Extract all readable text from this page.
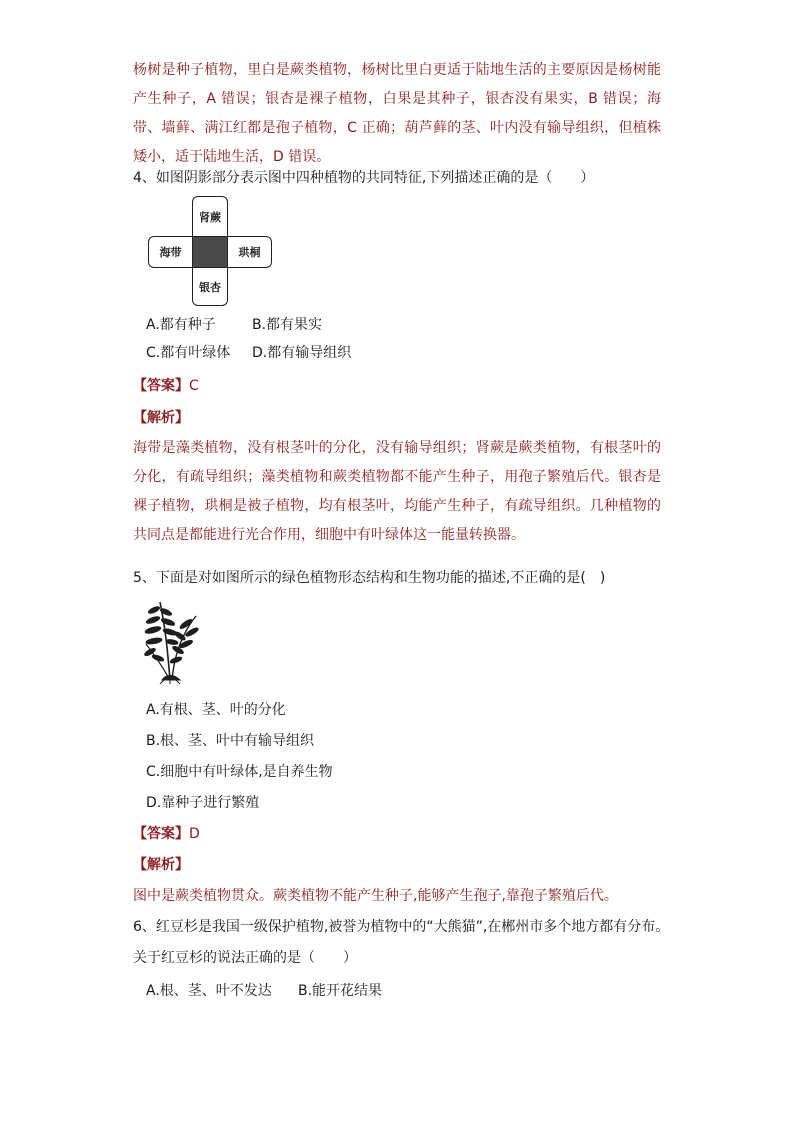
杨树是种子植物，里白是蕨类植物，杨树比里白更适于陆地生活的主要原因是杨树能产生种子，A 错误；银杏是裸子植物，白果是其种子，银杏没有果实，B 错误；海带、墙藓、满江红都是孢子植物，C 正确；葫芦藓的茎、叶内没有输导组织，但植株矮小，适于陆地生活，D 错误。

4、如图阴影部分表示图中四种植物的共同特征,下列描述正确的是（　　）

肾蕨
海带	珙桐
银杏

A.都有种子	B.都有果实

C.都有叶绿体 D.都有输导组织

【答案】C

【解析】

海带是藻类植物，没有根茎叶的分化，没有输导组织；肾蕨是蕨类植物，有根茎叶的分化，有疏导组织；藻类植物和蕨类植物都不能产生种子，用孢子繁殖后代。银杏是裸子植物，珙桐是被子植物，均有根茎叶，均能产生种子，有疏导组织。几种植物的共同点是都能进行光合作用，细胞中有叶绿体这一能量转换器。

5、下面是对如图所示的绿色植物形态结构和生物功能的描述,不正确的是(　)

A.有根、茎、叶的分化

B.根、茎、叶中有输导组织

C.细胞中有叶绿体,是自养生物

D.靠种子进行繁殖

【答案】D

【解析】

图中是蕨类植物贯众。蕨类植物不能产生种子,能够产生孢子,靠孢子繁殖后代。

6、红豆杉是我国一级保护植物,被誉为植物中的“大熊猫”,在郴州市多个地方都有分布。

关于红豆杉的说法正确的是（　　）

A.根、茎、叶不发达 B.能开花结果
